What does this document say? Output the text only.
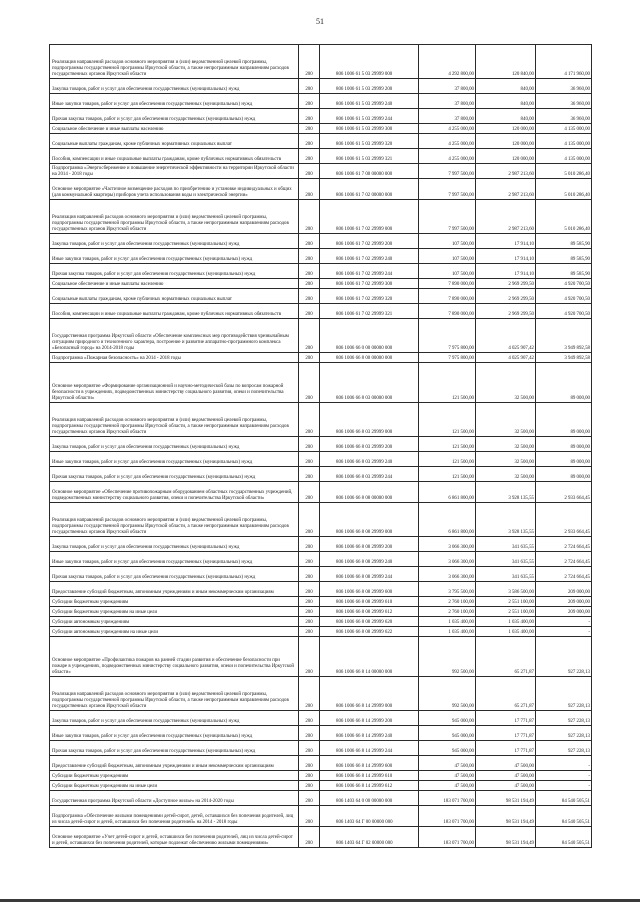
51
Реализация направлений расходов основного мероприятия и (или) ведомственной целевой программы, подпрограммы государственной программы Иркутской области, а также непрограммным направлениям расходов государственных органов Иркутской области	200	806 1006 61 5 03 29999 000	4 292 800,00	120 840,00	4 171 960,00
Закупка товаров, работ и услуг для обеспечения государственных (муниципальных) нужд	200	806 1006 61 5 03 29999 200	37 800,00	840,00	36 960,00
Иные закупки товаров, работ и услуг для обеспечения государственных (муниципальных) нужд	200	806 1006 61 5 03 29999 240	37 800,00	840,00	36 960,00
Прочая закупка товаров, работ и услуг для обеспечения государственных (муниципальных) нужд	200	806 1006 61 5 03 29999 244	37 800,00	840,00	36 960,00
Социальное обеспечение и иные выплаты населению	200	806 1006 61 5 03 29999 300	4 255 000,00	120 000,00	4 135 000,00
Социальные выплаты гражданам, кроме публичных нормативных социальных выплат	200	806 1006 61 5 03 29999 320	4 255 000,00	120 000,00	4 135 000,00
Пособия, компенсации и иные социальные выплаты гражданам, кроме публичных нормативных обязательств	200	806 1006 61 5 03 29999 321	4 255 000,00	120 000,00	4 135 000,00
Подпрограмма «Энергосбережение и повышение энергетической эффективности на территории Иркутской области на 2014 - 2018 годы	200	806 1006 61 7 00 00000 000	7 997 500,00	2 987 213,60	5 010 286,40
Основное мероприятие «Частичное возмещение расходов по приобретению и установке индивидуальных и общих (для коммунальной квартиры) приборов учета использования воды и электрической энергии»	200	806 1006 61 7 02 00000 000	7 997 500,00	2 987 213,60	5 010 286,40
Реализация направлений расходов основного мероприятия и (или) ведомственной целевой программы, подпрограммы государственной программы Иркутской области, а также непрограммным направлениям расходов государственных органов Иркутской области	200	806 1006 61 7 02 29999 000	7 997 500,00	2 987 213,60	5 010 286,40
Закупка товаров, работ и услуг для обеспечения государственных (муниципальных) нужд	200	806 1006 61 7 02 29999 200	107 500,00	17 914,10	89 585,90
Иные закупки товаров, работ и услуг для обеспечения государственных (муниципальных) нужд	200	806 1006 61 7 02 29999 240	107 500,00	17 914,10	89 585,90
Прочая закупка товаров, работ и услуг для обеспечения государственных (муниципальных) нужд	200	806 1006 61 7 02 29999 244	107 500,00	17 914,10	89 585,90
Социальное обеспечение и иные выплаты населению	200	806 1006 61 7 02 29999 300	7 890 000,00	2 969 299,50	4 920 700,50
Социальные выплаты гражданам, кроме публичных нормативных социальных выплат	200	806 1006 61 7 02 29999 320	7 890 000,00	2 969 299,50	4 920 700,50
Пособия, компенсации и иные социальные выплаты гражданам, кроме публичных нормативных обязательств	200	806 1006 61 7 02 29999 321	7 890 000,00	2 969 299,50	4 920 700,50
Государственная программа Иркутской области «Обеспечение комплексных мер противодействия чрезвычайным ситуациям природного и техногенного характера, построение и развитие аппаратно-программного комплекса «Безопасный город» на 2014-2018 годы	200	806 1006 66 0 00 00000 000	7 975 800,00	4 025 907,42	3 949 892,58
Подпрограмма «Пожарная безопасность» на 2014 - 2018 годы	200	806 1006 66 8 00 00000 000	7 975 800,00	4 025 907,42	3 949 892,58
Основное мероприятие «Формирование организационной и научно-методической базы по вопросам пожарной безопасности в учреждениях, подведомственных министерству социального развития, опеки и попечительства Иркутской области»	200	806 1006 66 8 03 00000 000	121 500,00	32 500,00	89 000,00
Реализация направлений расходов основного мероприятия и (или) ведомственной целевой программы, подпрограммы государственной программы Иркутской области, а также непрограммным направлениям расходов государственных органов Иркутской области	200	806 1006 66 8 03 29999 000	121 500,00	32 500,00	89 000,00
Закупка товаров, работ и услуг для обеспечения государственных (муниципальных) нужд	200	806 1006 66 8 03 29999 200	121 500,00	32 500,00	89 000,00
Иные закупки товаров, работ и услуг для обеспечения государственных (муниципальных) нужд	200	806 1006 66 8 03 29999 240	121 500,00	32 500,00	89 000,00
Прочая закупка товаров, работ и услуг для обеспечения государственных (муниципальных) нужд	200	806 1006 66 8 03 29999 244	121 500,00	32 500,00	89 000,00
Основное мероприятие «Обеспечение противопожарным оборудованием областных государственных учреждений, подведомственных министерству социального развития, опеки и попечительства Иркутской области»	200	806 1006 66 8 08 00000 000	6 861 800,00	3 928 135,55	2 933 664,45
Реализация направлений расходов основного мероприятия и (или) ведомственной целевой программы, подпрограммы государственной программы Иркутской области, а также непрограммным направлениям расходов государственных органов Иркутской области	200	806 1006 66 8 08 29999 000	6 861 800,00	3 928 135,55	2 933 664,45
Закупка товаров, работ и услуг для обеспечения государственных (муниципальных) нужд	200	806 1006 66 8 08 29999 200	3 066 300,00	341 635,55	2 724 664,45
Иные закупки товаров, работ и услуг для обеспечения государственных (муниципальных) нужд	200	806 1006 66 8 08 29999 240	3 066 300,00	341 635,55	2 724 664,45
Прочая закупка товаров, работ и услуг для обеспечения государственных (муниципальных) нужд	200	806 1006 66 8 08 29999 244	3 066 300,00	341 635,55	2 724 664,45
Предоставление субсидий бюджетным, автономным учреждениям и иным некоммерческим организациям	200	806 1006 66 8 08 29999 600	3 795 500,00	3 586 500,00	209 000,00
Субсидии бюджетным учреждениям	200	806 1006 66 8 08 29999 610	2 760 100,00	2 551 100,00	209 000,00
Субсидии бюджетным учреждениям на иные цели	200	806 1006 66 8 08 29999 612	2 760 100,00	2 551 100,00	209 000,00
Субсидии автономным учреждениям	200	806 1006 66 8 08 29999 620	1 035 400,00	1 035 400,00	-
Субсидии автономным учреждениям на иные цели	200	806 1006 66 8 08 29999 622	1 035 400,00	1 035 400,00	-
Основное мероприятие «Профилактика пожаров на ранней стадии развития и обеспечение безопасности при пожаре в учреждениях, подведомственных министерству социального развития, опеки и попечительства Иркутской области»	200	806 1006 66 8 14 00000 000	992 500,00	65 271,87	927 228,13
Реализация направлений расходов основного мероприятия и (или) ведомственной целевой программы, подпрограммы государственной программы Иркутской области, а также непрограммным направлениям расходов государственных органов Иркутской области	200	806 1006 66 8 14 29999 000	992 500,00	65 271,87	927 228,13
Закупка товаров, работ и услуг для обеспечения государственных (муниципальных) нужд	200	806 1006 66 8 14 29999 200	945 000,00	17 771,87	927 228,13
Иные закупки товаров, работ и услуг для обеспечения государственных (муниципальных) нужд	200	806 1006 66 8 14 29999 240	945 000,00	17 771,87	927 228,13
Прочая закупка товаров, работ и услуг для обеспечения государственных (муниципальных) нужд	200	806 1006 66 8 14 29999 244	945 000,00	17 771,87	927 228,13
Предоставление субсидий бюджетным, автономным учреждениям и иным некоммерческим организациям	200	806 1006 66 8 14 29999 600	47 500,00	47 500,00	-
Субсидии бюджетным учреждениям	200	806 1006 66 8 14 29999 610	47 500,00	47 500,00	-
Субсидии бюджетным учреждениям на иные цели	200	806 1006 66 8 14 29999 612	47 500,00	47 500,00	-
Государственная программа Иркутской области «Доступное жилье» на 2014-2020 годы	200	806 1403 64 0 00 00000 000	183 071 700,00	98 531 194,49	84 540 505,51
Подпрограмма «Обеспечение жилыми помещениями детей-сирот, детей, оставшихся без попечения родителей, лиц из числа детей-сирот и детей, оставшихся без попечения родителей» на 2014 - 2018 годы	200	806 1403 64 Г 00 00000 000	183 071 700,00	98 531 194,49	84 540 505,51
Основное мероприятие «Учет детей-сирот и детей, оставшихся без попечения родителей, лиц из числа детей-сирот и детей, оставшихся без попечения родителей, которые подлежат обеспечению жилыми помещениями»	200	806 1403 64 Г 02 00000 000	183 071 700,00	98 531 194,49	84 540 505,51
